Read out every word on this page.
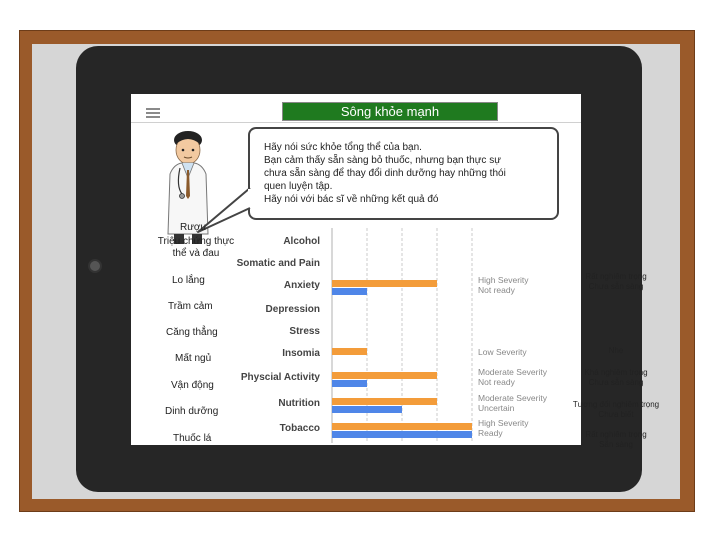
Sông khỏe mạnh
Hãy nói sức khỏe tổng thể của bạn.
Bạn cảm thấy sẵn sàng bỏ thuốc, nhưng bạn thực sự
chưa sẵn sàng để thay đổi dinh dưỡng hay những thói
quen luyện tập.
Hãy nói với bác sĩ về những kết quả đó
Alcohol
Somatic and Pain
Anxiety
Depression
Stress
Insomia
Physcial Activity
Nutrition
Tobacco
High Severity
Not ready
Low Severity
Moderate Severity
Not ready
Moderate Severity
Uncertain
High Severity
Ready
Rượu
Triệu chứng thực thể và đau
Lo lắng
Trầm cảm
Căng thẳng
Mất ngủ
Vận động
Dinh dưỡng
Thuốc lá
Rất nghiêm trọng
Chưa sẵn sàng
Nhẹ
Khá nghiêm trọng
Chưa sẵn sàng
Tương đối nghiêm trọng
Chưa biết
Rất nghiêm trọng
Sẵn sàng
